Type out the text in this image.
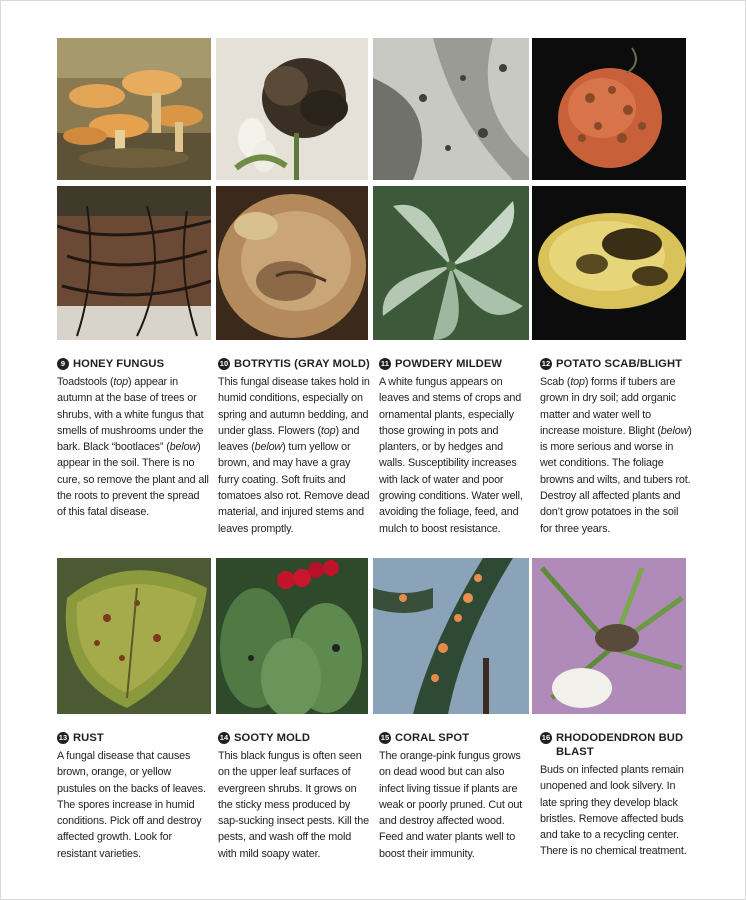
9 HONEY FUNGUS
Toadstools (top) appear in autumn at the base of trees or shrubs, with a white fungus that smells of mushrooms under the bark. Black “bootlaces” (below) appear in the soil. There is no cure, so remove the plant and all the roots to prevent the spread of this fatal disease.
10 BOTRYTIS (GRAY MOLD)
This fungal disease takes hold in humid conditions, especially on spring and autumn bedding, and under glass. Flowers (top) and leaves (below) turn yellow or brown, and may have a gray furry coating. Soft fruits and tomatoes also rot. Remove dead material, and injured stems and leaves promptly.
11 POWDERY MILDEW
A white fungus appears on leaves and stems of crops and ornamental plants, especially those growing in pots and planters, or by hedges and walls. Susceptibility increases with lack of water and poor growing conditions. Water well, avoiding the foliage, feed, and mulch to boost resistance.
12 POTATO SCAB/BLIGHT
Scab (top) forms if tubers are grown in dry soil; add organic matter and water well to increase moisture. Blight (below) is more serious and worse in wet conditions. The foliage browns and wilts, and tubers rot. Destroy all affected plants and don’t grow potatoes in the soil for three years.
13 RUST
A fungal disease that causes brown, orange, or yellow pustules on the backs of leaves. The spores increase in humid conditions. Pick off and destroy affected growth. Look for resistant varieties.
14 SOOTY MOLD
This black fungus is often seen on the upper leaf surfaces of evergreen shrubs. It grows on the sticky mess produced by sap-sucking insect pests. Kill the pests, and wash off the mold with mild soapy water.
15 CORAL SPOT
The orange-pink fungus grows on dead wood but can also infect living tissue if plants are weak or poorly pruned. Cut out and destroy affected wood. Feed and water plants well to boost their immunity.
16 RHODODENDRON BUD BLAST
Buds on infected plants remain unopened and look silvery. In late spring they develop black bristles. Remove affected buds and take to a recycling center. There is no chemical treatment.
